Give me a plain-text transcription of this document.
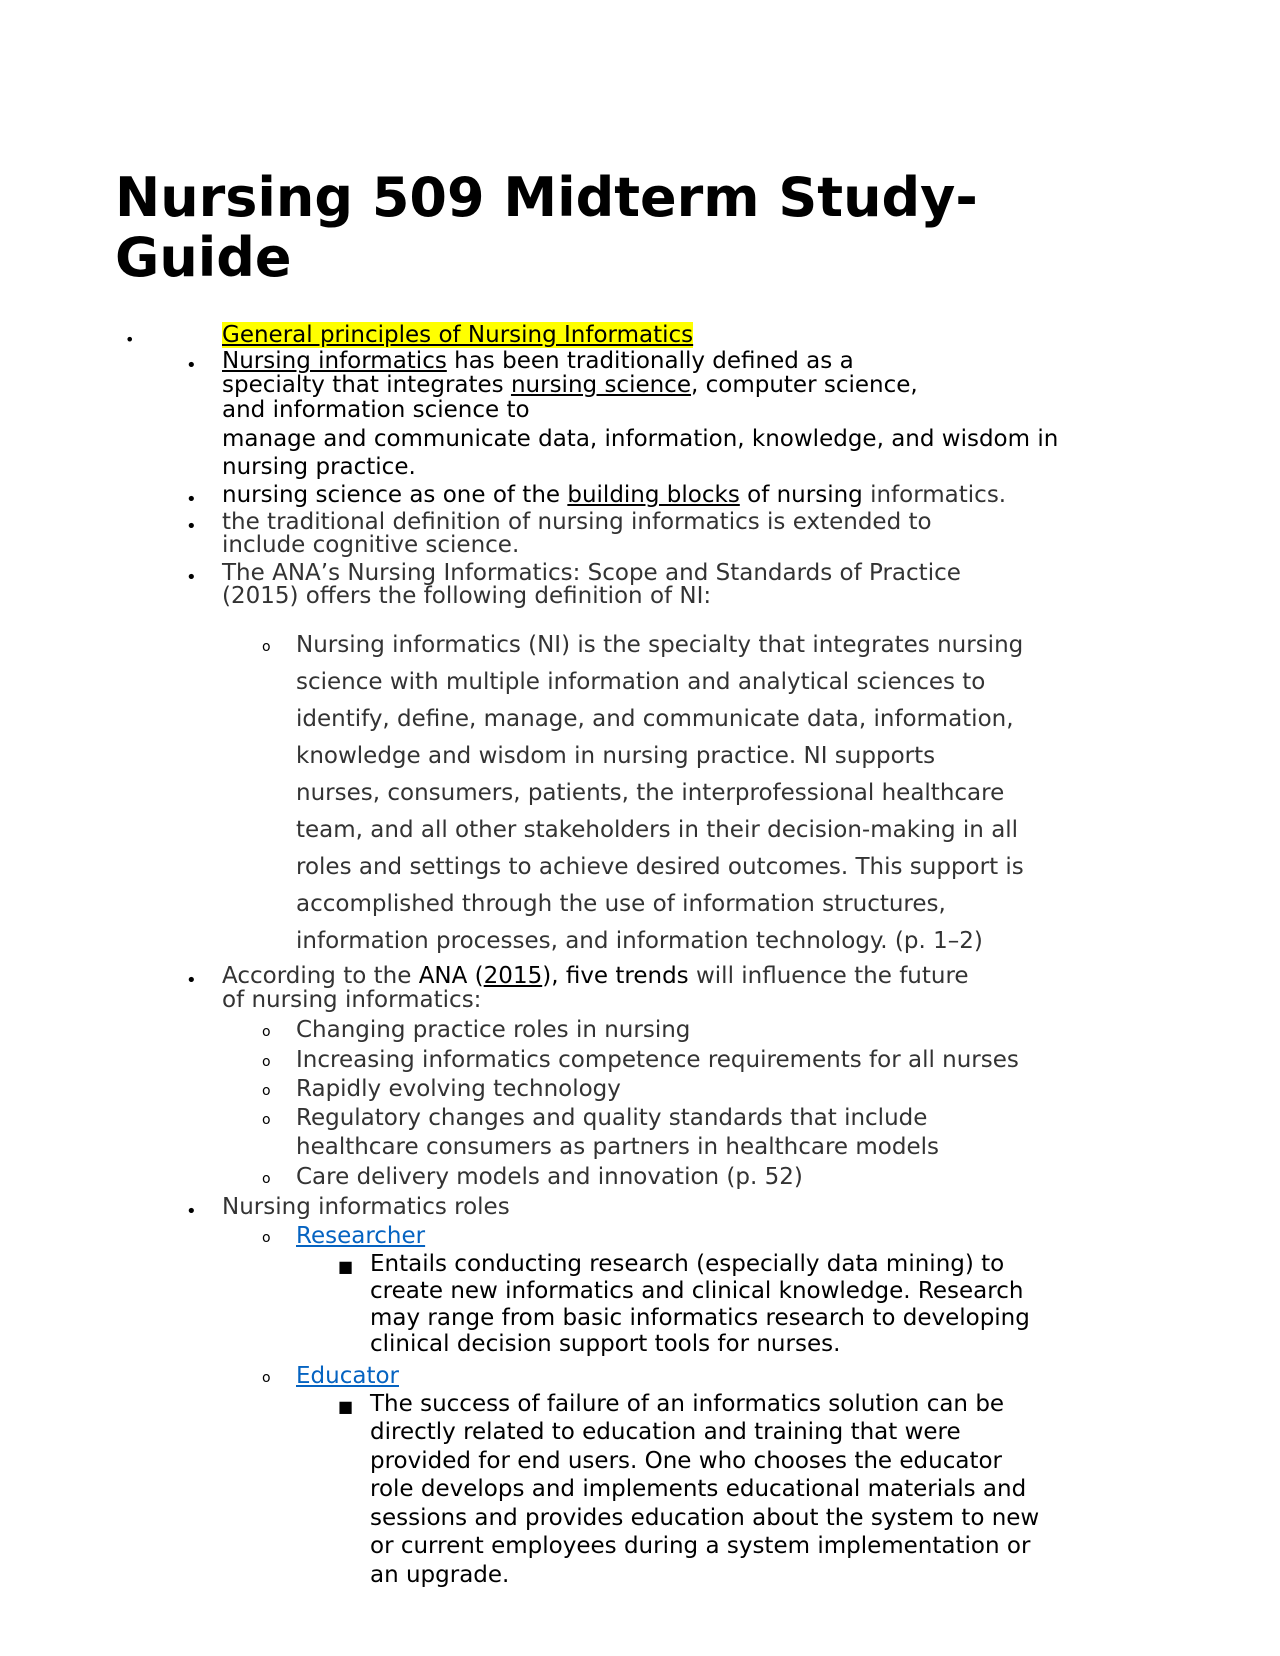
Nursing 509 Midterm Study-Guide
•	General principles of Nursing Informatics
• Nursing informatics has been traditionally defined as a
specialty that integrates nursing science, computer science,
and information science to
manage and communicate data, information, knowledge, and wisdom in
nursing practice.
• nursing science as one of the building blocks of nursing informatics.
• the traditional definition of nursing informatics is extended to
include cognitive science.
• The ANA’s Nursing Informatics: Scope and Standards of Practice
(2015) offers the following definition of NI:
o Nursing informatics (NI) is the specialty that integrates nursing
science with multiple information and analytical sciences to
identify, define, manage, and communicate data, information,
knowledge and wisdom in nursing practice. NI supports
nurses, consumers, patients, the interprofessional healthcare
team, and all other stakeholders in their decision-making in all
roles and settings to achieve desired outcomes. This support is
accomplished through the use of information structures,
information processes, and information technology. (p. 1–2)
• According to the ANA (2015), five trends will influence the future
of nursing informatics:
o Changing practice roles in nursing
o Increasing informatics competence requirements for all nurses
o Rapidly evolving technology
o Regulatory changes and quality standards that include
healthcare consumers as partners in healthcare models
o Care delivery models and innovation (p. 52)
• Nursing informatics roles
o Researcher
■ Entails conducting research (especially data mining) to
create new informatics and clinical knowledge. Research
may range from basic informatics research to developing
clinical decision support tools for nurses.
o Educator
■ The success of failure of an informatics solution can be
directly related to education and training that were
provided for end users. One who chooses the educator
role develops and implements educational materials and
sessions and provides education about the system to new
or current employees during a system implementation or
an upgrade.
